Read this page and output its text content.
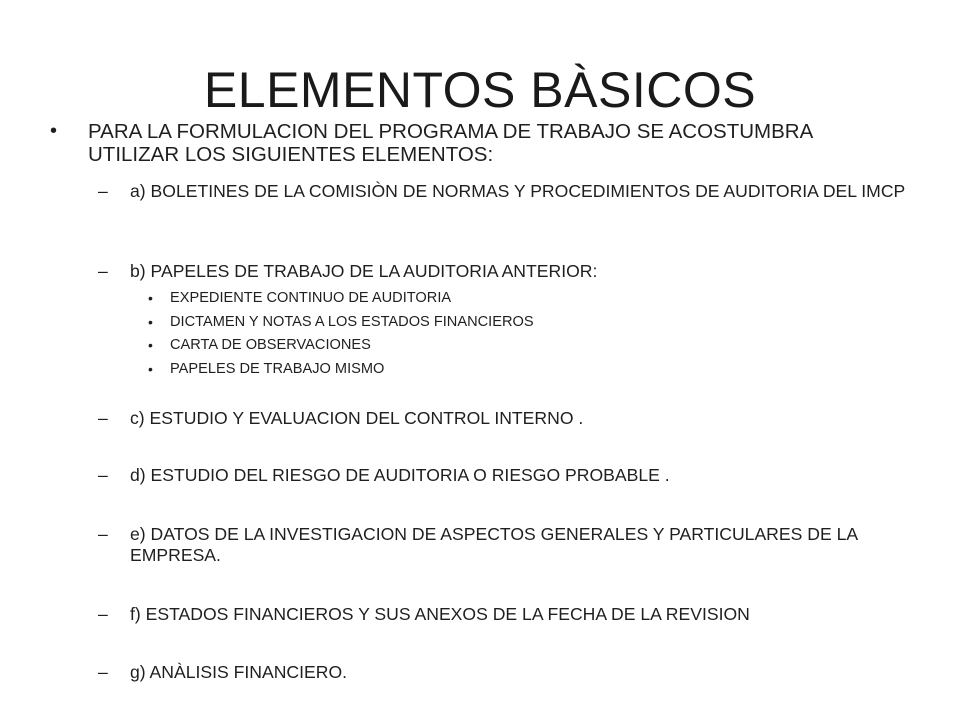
ELEMENTOS BÀSICOS

• PARA LA FORMULACION DEL PROGRAMA DE TRABAJO SE ACOSTUMBRA UTILIZAR LOS SIGUIENTES ELEMENTOS:

– a) BOLETINES DE LA COMISIÒN DE NORMAS Y PROCEDIMIENTOS DE AUDITORIA DEL IMCP

– b) PAPELES DE TRABAJO DE LA AUDITORIA ANTERIOR:

• EXPEDIENTE CONTINUO DE AUDITORIA

• DICTAMEN Y NOTAS A LOS ESTADOS FINANCIEROS

• CARTA DE OBSERVACIONES

• PAPELES DE TRABAJO MISMO

– c) ESTUDIO Y EVALUACION DEL CONTROL INTERNO .

– d) ESTUDIO DEL RIESGO DE AUDITORIA O RIESGO PROBABLE .

– e) DATOS DE LA INVESTIGACION DE ASPECTOS GENERALES Y PARTICULARES DE LA EMPRESA.

– f) ESTADOS FINANCIEROS Y SUS ANEXOS DE LA FECHA DE LA REVISION

– g) ANÀLISIS FINANCIERO.
